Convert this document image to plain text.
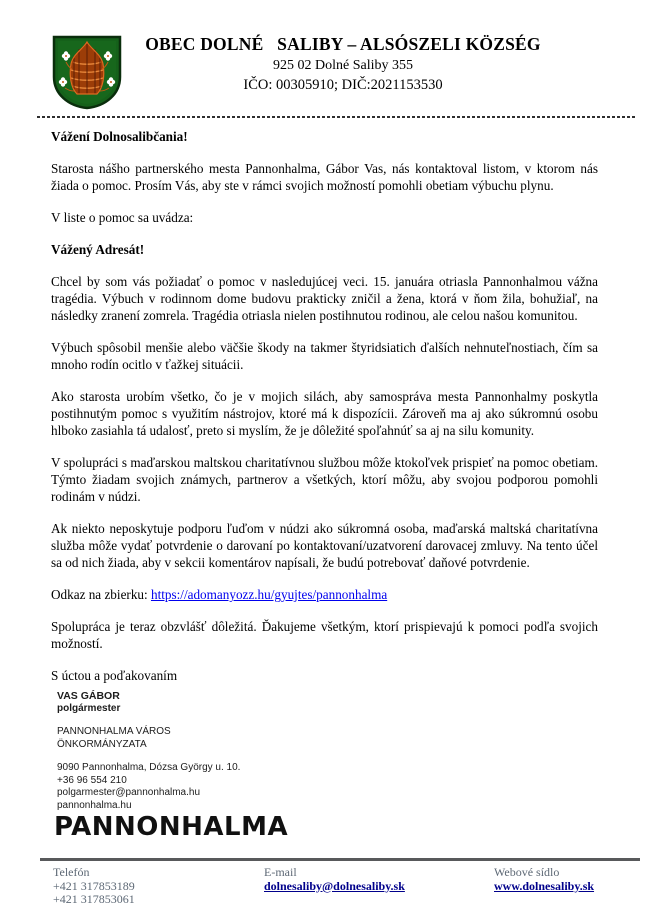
OBEC DOLNÉ   SALIBY – ALSÓSZELI KÖZSÉG
925 02 Dolné Saliby 355
IČO: 00305910; DIČ:2021153530

Vážení Dolnosalibčania!

Starosta nášho partnerského mesta Pannonhalma, Gábor Vas, nás kontaktoval listom, v ktorom nás žiada o pomoc. Prosím Vás, aby ste v rámci svojich možností pomohli obetiam výbuchu plynu.

V liste o pomoc sa uvádza:

Vážený Adresát!

Chcel by som vás požiadať o pomoc v nasledujúcej veci. 15. januára otriasla Pannonhalmou vážna tragédia. Výbuch v rodinnom dome budovu prakticky zničil a žena, ktorá v ňom žila, bohužiaľ, na následky zranení zomrela. Tragédia otriasla nielen postihnutou rodinou, ale celou našou komunitou.

Výbuch spôsobil menšie alebo väčšie škody na takmer štyridsiatich ďalších nehnuteľnostiach, čím sa mnoho rodín ocitlo v ťažkej situácii.

Ako starosta urobím všetko, čo je v mojich silách, aby samospráva mesta Pannonhalmy poskytla postihnutým pomoc s využitím nástrojov, ktoré má k dispozícii. Zároveň ma aj ako súkromnú osobu hlboko zasiahla tá udalosť, preto si myslím, že je dôležité spoľahnúť sa aj na silu komunity.

V spolupráci s maďarskou maltskou charitatívnou službou môže ktokoľvek prispieť na pomoc obetiam. Týmto žiadam svojich známych, partnerov a všetkých, ktorí môžu, aby svojou podporou pomohli rodinám v núdzi.

Ak niekto neposkytuje podporu ľuďom v núdzi ako súkromná osoba, maďarská maltská charitatívna služba môže vydať potvrdenie o darovaní po kontaktovaní/uzatvorení darovacej zmluvy. Na tento účel sa od nich žiada, aby v sekcii komentárov napísali, že budú potrebovať daňové potvrdenie.

Odkaz na zbierku: https://adomanyozz.hu/gyujtes/pannonhalma

Spolupráca je teraz obzvlášť dôležitá. Ďakujeme všetkým, ktorí prispievajú k pomoci podľa svojich možností.

S úctou a poďakovaním

VAS GÁBOR
polgármester
PANNONHALMA VÁROS
ÖNKORMÁNYZATA
9090 Pannonhalma, Dózsa György u. 10.
+36 96 554 210
polgarmester@pannonhalma.hu
pannonhalma.hu
PANNONHALMA
Telefón
+421 317853189
+421 317853061
E-mail
dolnesaliby@dolnesaliby.sk
Webové sídlo
www.dolnesaliby.sk
